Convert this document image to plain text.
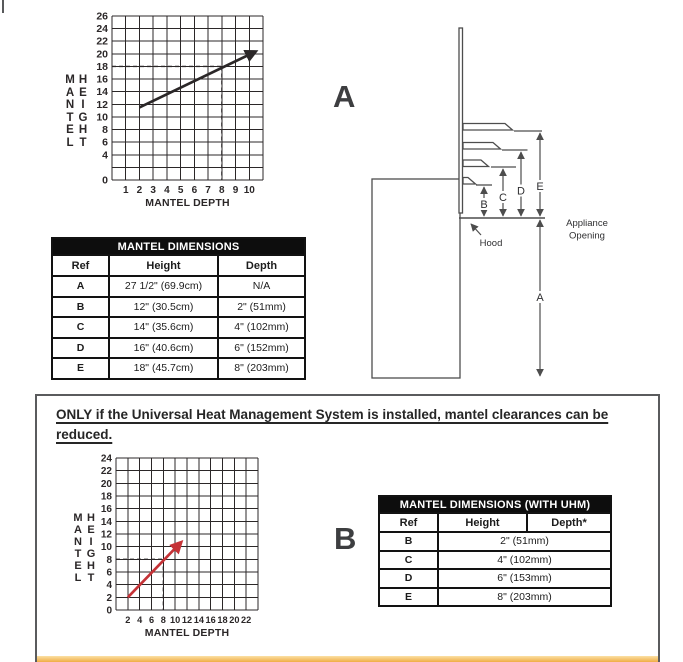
M
A
N
T
E
L
H
E
I
G
H
T
1 2 3 4 5 6 7 8 9 10
26
24
22
20
18
16
14
12
10
8
6
4
0
MANTEL DEPTH
MANTEL DIMENSIONS		
Ref	Height	Depth
A	27 1/2" (69.9cm)	N/A
B	12" (30.5cm)	2" (51mm)
C	14" (35.6cm)	4" (102mm)
D	16" (40.6cm)	6" (152mm)
E	18" (45.7cm)	8" (203mm)
A
B
C
D E
A
Hood
Appliance
Opening
ONLY if the Universal Heat Management System is installed, mantel clearances can be reduced.
M
A
N
T
E
L
H
E
I
G
H
T
2 4 6 8 10 12 14 16 18 20 22
24
22
20
18
16
14
12
10
8
6
4
2
0
MANTEL DEPTH
B
MANTEL DIMENSIONS (WITH UHM)		
Ref	Height	Depth*
B	2" (51mm)	
C	4" (102mm)	
D	6" (153mm)	
E	8" (203mm)	
